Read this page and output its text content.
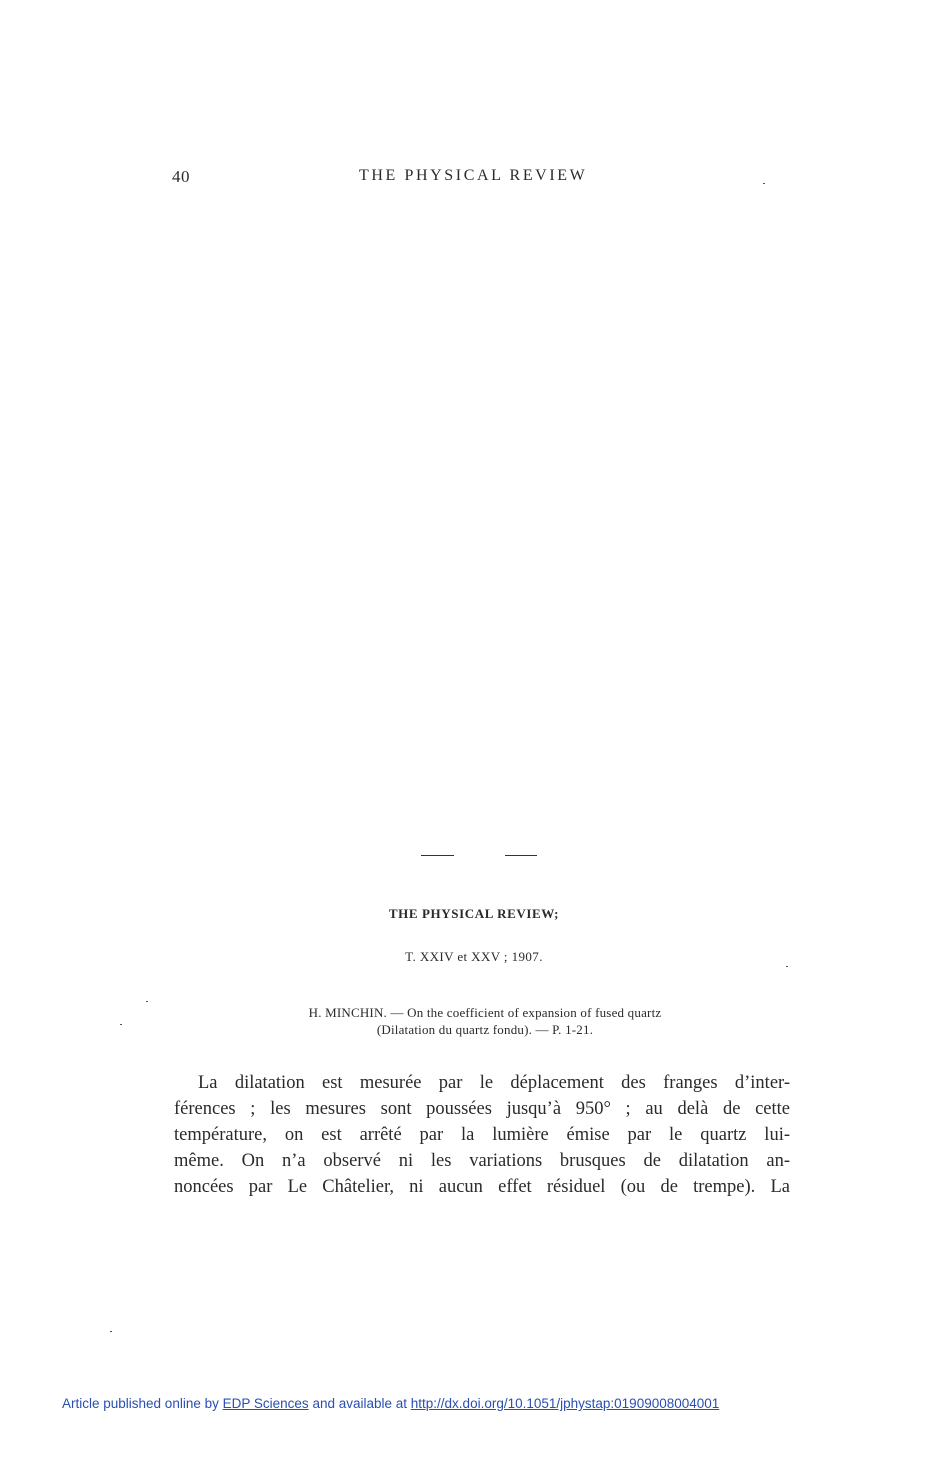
40	THE PHYSICAL REVIEW
THE PHYSICAL REVIEW;
T. XXIV et XXV ; 1907.
H. MINCHIN. — On the coefficient of expansion of fused quartz
(Dilatation du quartz fondu). — P. 1-21.
La dilatation est mesurée par le déplacement des franges d’inter-
férences ; les mesures sont poussées jusqu’à 950° ; au delà de cette
température, on est arrêté par la lumière émise par le quartz lui-
même. On n’a observé ni les variations brusques de dilatation an-
noncées par Le Châtelier, ni aucun effet résiduel (ou de trempe). La
Article published online by EDP Sciences and available at http://dx.doi.org/10.1051/jphystap:01909008004001
